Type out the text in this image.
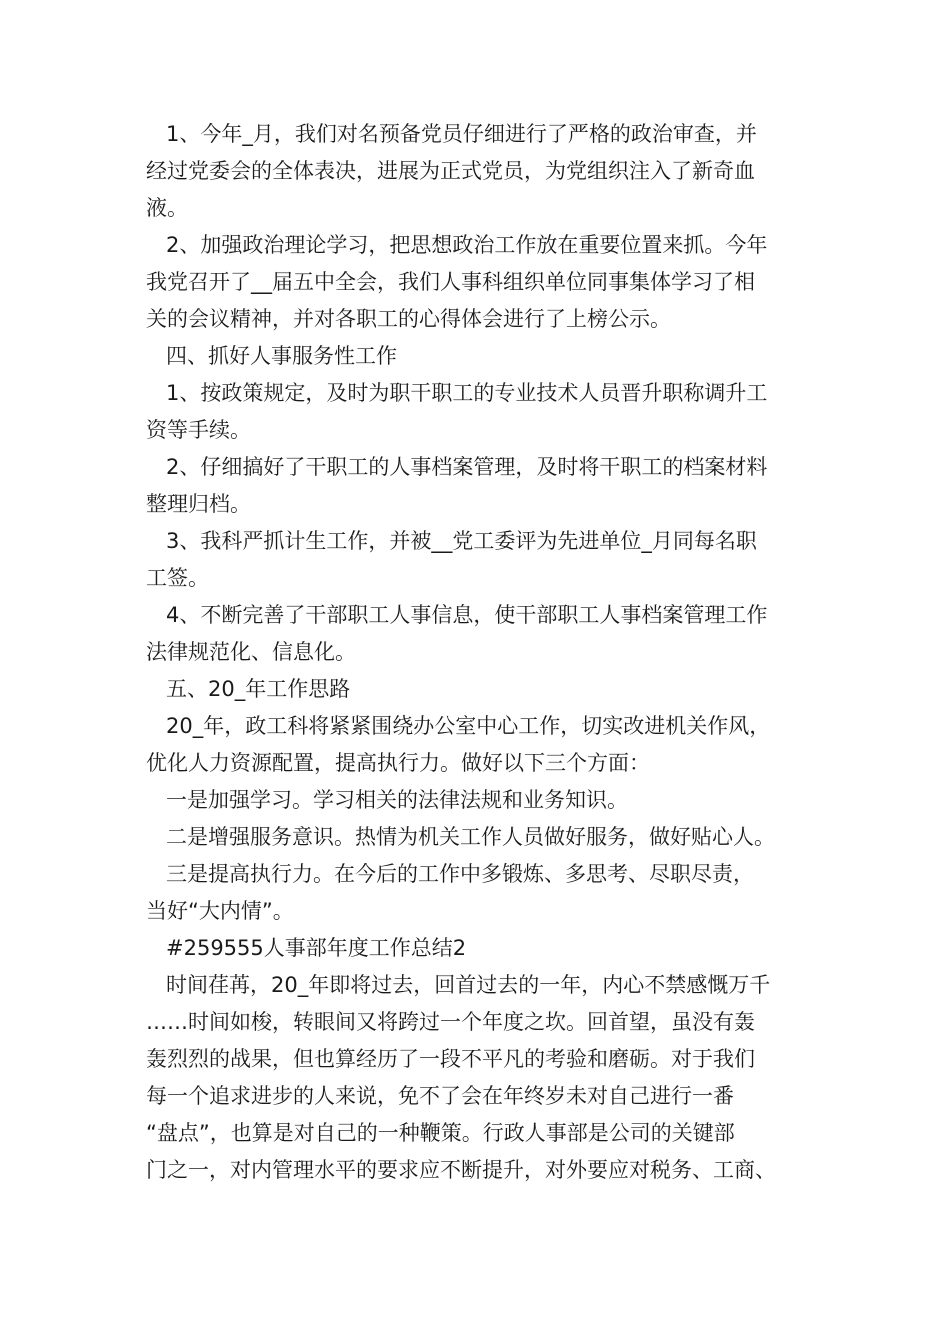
1、今年_月，我们对名预备党员仔细进行了严格的政治审查，并
经过党委会的全体表决，进展为正式党员，为党组织注入了新奇血
液。
2、加强政治理论学习，把思想政治工作放在重要位置来抓。今年
我党召开了__届五中全会，我们人事科组织单位同事集体学习了相
关的会议精神，并对各职工的心得体会进行了上榜公示。
四、抓好人事服务性工作
1、按政策规定，及时为职干职工的专业技术人员晋升职称调升工
资等手续。
2、仔细搞好了干职工的人事档案管理，及时将干职工的档案材料
整理归档。
3、我科严抓计生工作，并被__党工委评为先进单位_月同每名职
工签。
4、不断完善了干部职工人事信息，使干部职工人事档案管理工作
法律规范化、信息化。
五、20_年工作思路
20_年，政工科将紧紧围绕办公室中心工作，切实改进机关作风，
优化人力资源配置，提高执行力。做好以下三个方面：
一是加强学习。学习相关的法律法规和业务知识。
二是增强服务意识。热情为机关工作人员做好服务，做好贴心人。
三是提高执行力。在今后的工作中多锻炼、多思考、尽职尽责，
当好“大内情”。
#259555人事部年度工作总结2
时间荏苒，20_年即将过去，回首过去的一年，内心不禁感慨万千
……时间如梭，转眼间又将跨过一个年度之坎。回首望，虽没有轰
轰烈烈的战果，但也算经历了一段不平凡的考验和磨砺。对于我们
每一个追求进步的人来说，免不了会在年终岁未对自己进行一番
“盘点”，也算是对自己的一种鞭策。行政人事部是公司的关键部
门之一，对内管理水平的要求应不断提升，对外要应对税务、工商、
